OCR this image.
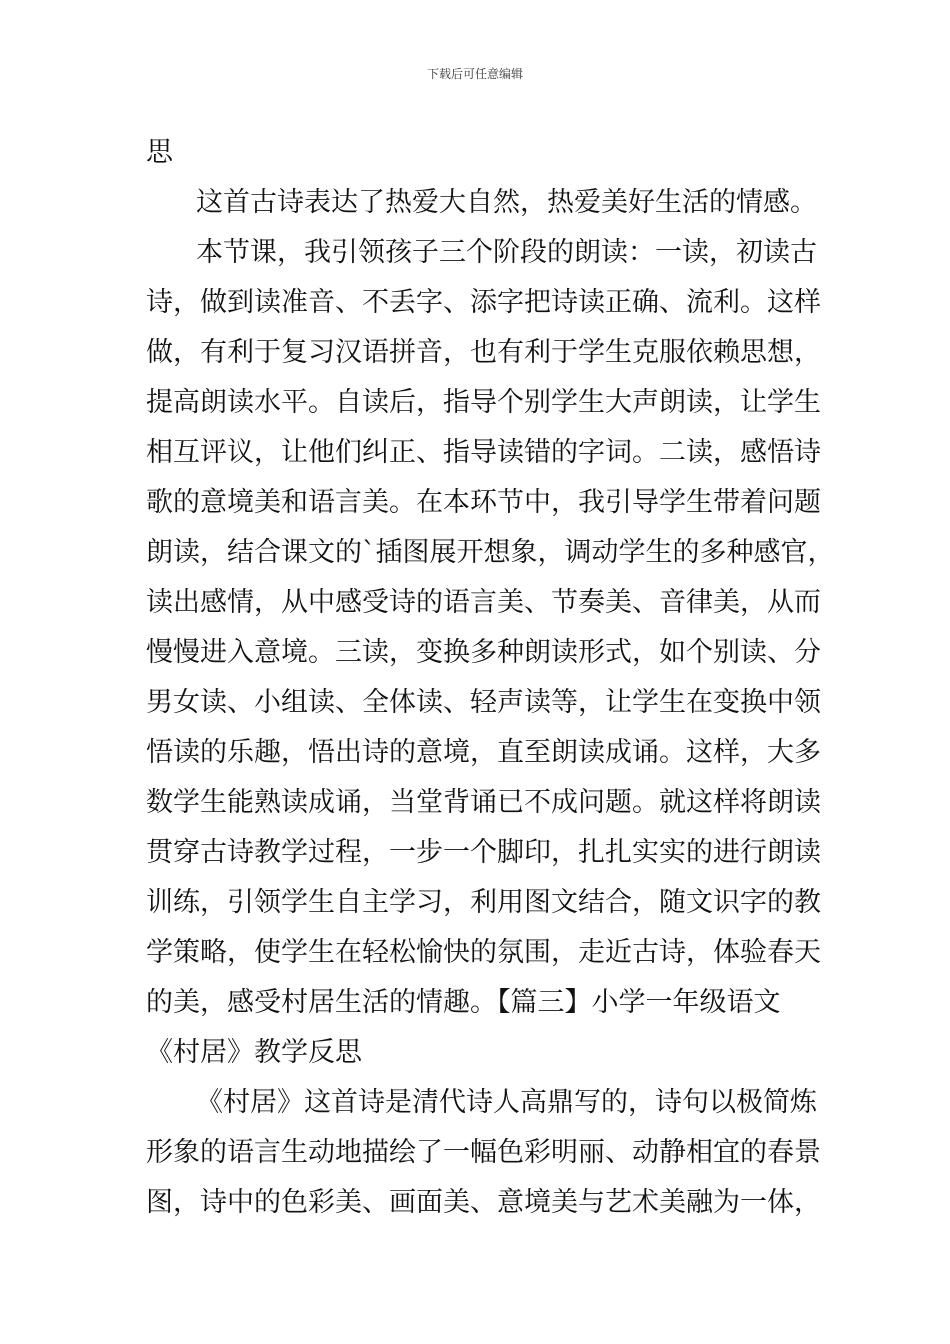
下载后可任意编辑
思
这首古诗表达了热爱大自然，热爱美好生活的情感。
本节课，我引领孩子三个阶段的朗读：一读，初读古
诗，做到读准音、不丢字、添字把诗读正确、流利。这样
做，有利于复习汉语拼音，也有利于学生克服依赖思想，
提高朗读水平。自读后，指导个别学生大声朗读，让学生
相互评议，让他们纠正、指导读错的字词。二读，感悟诗
歌的意境美和语言美。在本环节中，我引导学生带着问题
朗读，结合课文的`插图展开想象，调动学生的多种感官，
读出感情，从中感受诗的语言美、节奏美、音律美，从而
慢慢进入意境。三读，变换多种朗读形式，如个别读、分
男女读、小组读、全体读、轻声读等，让学生在变换中领
悟读的乐趣，悟出诗的意境，直至朗读成诵。这样，大多
数学生能熟读成诵，当堂背诵已不成问题。就这样将朗读
贯穿古诗教学过程，一步一个脚印，扎扎实实的进行朗读
训练，引领学生自主学习，利用图文结合，随文识字的教
学策略，使学生在轻松愉快的氛围，走近古诗，体验春天
的美，感受村居生活的情趣。【篇三】小学一年级语文
《村居》教学反思
《村居》这首诗是清代诗人高鼎写的，诗句以极简炼
形象的语言生动地描绘了一幅色彩明丽、动静相宜的春景
图，诗中的色彩美、画面美、意境美与艺术美融为一体，
